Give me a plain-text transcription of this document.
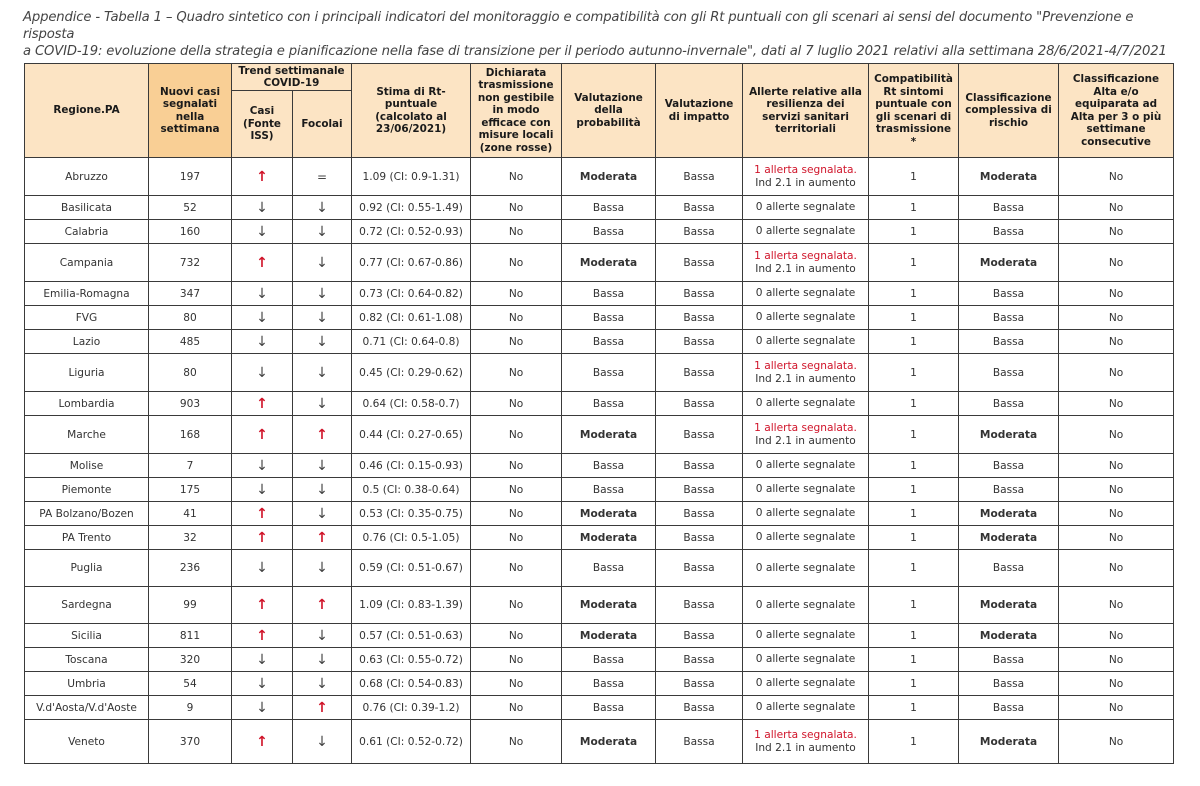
Appendice - Tabella 1 – Quadro sintetico con i principali indicatori del monitoraggio e compatibilità con gli Rt puntuali con gli scenari ai sensi del documento "Prevenzione e risposta
a COVID-19: evoluzione della strategia e pianificazione nella fase di transizione per il periodo autunno-invernale", dati al 7 luglio 2021 relativi alla settimana 28/6/2021-4/7/2021
Regione.PA	Nuovi casi segnalati nella settimana	Trend settimanale COVID-19		Stima di Rt-puntuale (calcolato al 23/06/2021)	Dichiarata trasmissione non gestibile in modo efficace con misure locali (zone rosse)	Valutazione della probabilità	Valutazione di impatto	Allerte relative alla resilienza dei servizi sanitari territoriali	Compatibilità Rt sintomi puntuale con gli scenari di trasmissione *	Classificazione complessiva di rischio	Classificazione Alta e/o equiparata ad Alta per 3 o più settimane consecutive
		Casi (Fonte ISS)	Focolai								
Abruzzo	197	↑	=	1.09 (CI: 0.9-1.31)	No	Moderata	Bassa	1 allerta segnalata.
Ind 2.1 in aumento	1	Moderata	No
Basilicata	52	↓	↓	0.92 (CI: 0.55-1.49)	No	Bassa	Bassa	0 allerte segnalate	1	Bassa	No
Calabria	160	↓	↓	0.72 (CI: 0.52-0.93)	No	Bassa	Bassa	0 allerte segnalate	1	Bassa	No
Campania	732	↑	↓	0.77 (CI: 0.67-0.86)	No	Moderata	Bassa	1 allerta segnalata.
Ind 2.1 in aumento	1	Moderata	No
Emilia-Romagna	347	↓	↓	0.73 (CI: 0.64-0.82)	No	Bassa	Bassa	0 allerte segnalate	1	Bassa	No
FVG	80	↓	↓	0.82 (CI: 0.61-1.08)	No	Bassa	Bassa	0 allerte segnalate	1	Bassa	No
Lazio	485	↓	↓	0.71 (CI: 0.64-0.8)	No	Bassa	Bassa	0 allerte segnalate	1	Bassa	No
Liguria	80	↓	↓	0.45 (CI: 0.29-0.62)	No	Bassa	Bassa	1 allerta segnalata.
Ind 2.1 in aumento	1	Bassa	No
Lombardia	903	↑	↓	0.64 (CI: 0.58-0.7)	No	Bassa	Bassa	0 allerte segnalate	1	Bassa	No
Marche	168	↑	↑	0.44 (CI: 0.27-0.65)	No	Moderata	Bassa	1 allerta segnalata.
Ind 2.1 in aumento	1	Moderata	No
Molise	7	↓	↓	0.46 (CI: 0.15-0.93)	No	Bassa	Bassa	0 allerte segnalate	1	Bassa	No
Piemonte	175	↓	↓	0.5 (CI: 0.38-0.64)	No	Bassa	Bassa	0 allerte segnalate	1	Bassa	No
PA Bolzano/Bozen	41	↑	↓	0.53 (CI: 0.35-0.75)	No	Moderata	Bassa	0 allerte segnalate	1	Moderata	No
PA Trento	32	↑	↑	0.76 (CI: 0.5-1.05)	No	Moderata	Bassa	0 allerte segnalate	1	Moderata	No
Puglia	236	↓	↓	0.59 (CI: 0.51-0.67)	No	Bassa	Bassa	0 allerte segnalate	1	Bassa	No
Sardegna	99	↑	↑	1.09 (CI: 0.83-1.39)	No	Moderata	Bassa	0 allerte segnalate	1	Moderata	No
Sicilia	811	↑	↓	0.57 (CI: 0.51-0.63)	No	Moderata	Bassa	0 allerte segnalate	1	Moderata	No
Toscana	320	↓	↓	0.63 (CI: 0.55-0.72)	No	Bassa	Bassa	0 allerte segnalate	1	Bassa	No
Umbria	54	↓	↓	0.68 (CI: 0.54-0.83)	No	Bassa	Bassa	0 allerte segnalate	1	Bassa	No
V.d'Aosta/V.d'Aoste	9	↓	↑	0.76 (CI: 0.39-1.2)	No	Bassa	Bassa	0 allerte segnalate	1	Bassa	No
Veneto	370	↑	↓	0.61 (CI: 0.52-0.72)	No	Moderata	Bassa	1 allerta segnalata.
Ind 2.1 in aumento	1	Moderata	No
